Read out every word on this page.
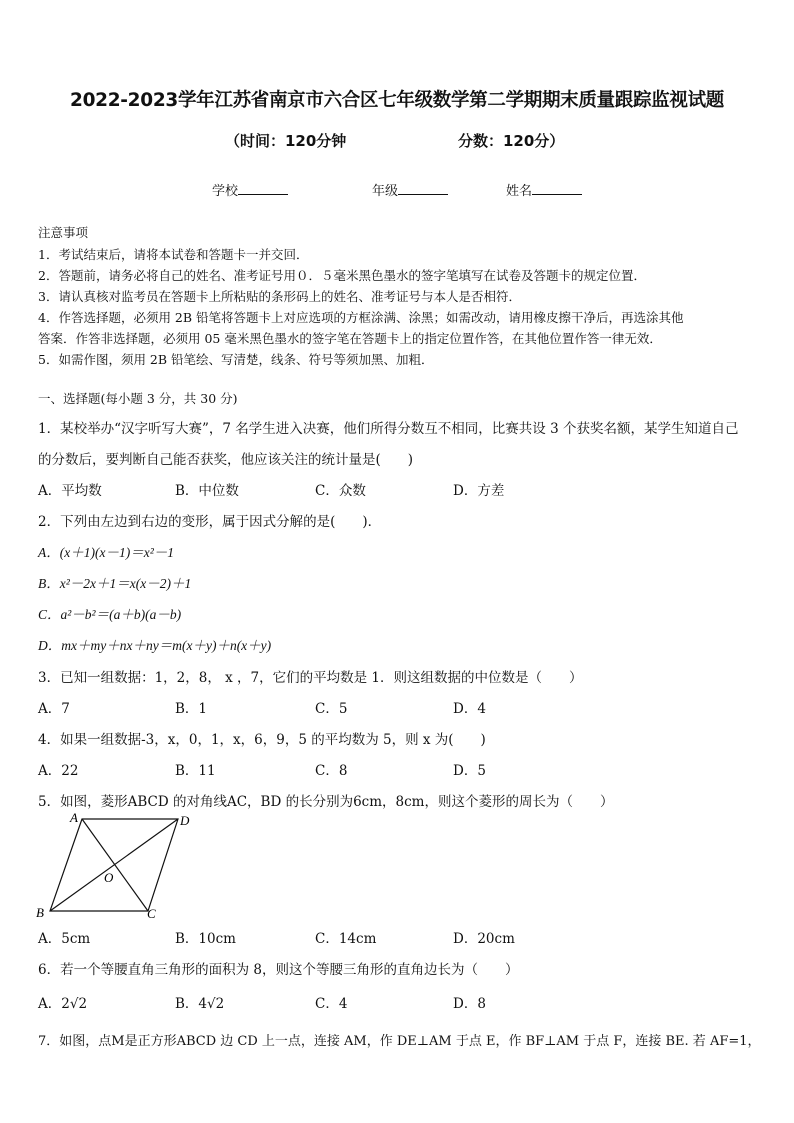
2022-2023学年江苏省南京市六合区七年级数学第二学期期末质量跟踪监视试题
（时间：120分钟	分数：120分）
学校	年级	姓名
注意事项
1．考试结束后，请将本试卷和答题卡一并交回．
2．答题前，请务必将自己的姓名、准考证号用０．５毫米黑色墨水的签字笔填写在试卷及答题卡的规定位置．
3．请认真核对监考员在答题卡上所粘贴的条形码上的姓名、准考证号与本人是否相符．
4．作答选择题，必须用 2B 铅笔将答题卡上对应选项的方框涂满、涂黑；如需改动，请用橡皮擦干净后，再选涂其他
答案．作答非选择题，必须用 05 毫米黑色墨水的签字笔在答题卡上的指定位置作答，在其他位置作答一律无效．
5．如需作图，须用 2B 铅笔绘、写清楚，线条、符号等须加黑、加粗．
一、选择题(每小题 3 分，共 30 分)
1．某校举办“汉字听写大赛”，7 名学生进入决赛，他们所得分数互不相同，比赛共设 3 个获奖名额，某学生知道自己
的分数后，要判断自己能否获奖，他应该关注的统计量是(　　)
A．平均数	B．中位数	C．众数	D．方差
2．下列由左边到右边的变形，属于因式分解的是(　　)．
A．(x＋1)(x－1)＝x²－1
B．x²－2x＋1＝x(x－2)＋1
C．a²－b²＝(a＋b)(a－b)
D．mx＋my＋nx＋ny＝m(x＋y)＋n(x＋y)
3．已知一组数据：1，2，8， x ，7，它们的平均数是 1．则这组数据的中位数是（　　）
A．7	B．1	C．5	D．4
4．如果一组数据-3，x，0，1，x，6，9，5 的平均数为 5，则 x 为(　　)
A．22	B．11	C．8	D．5
5．如图，菱形ABCD 的对角线AC，BD 的长分别为6cm，8cm，则这个菱形的周长为（　　）
A	D
O
B	C
A．5cm	B．10cm	C．14cm	D．20cm
6．若一个等腰直角三角形的面积为 8，则这个等腰三角形的直角边长为（　　）
A．2√2	B．4√2	C．4	D．8
7．如图，点M是正方形ABCD 边 CD 上一点，连接 AM，作 DE⊥AM 于点 E，作 BF⊥AM 于点 F，连接 BE. 若 AF=1，
